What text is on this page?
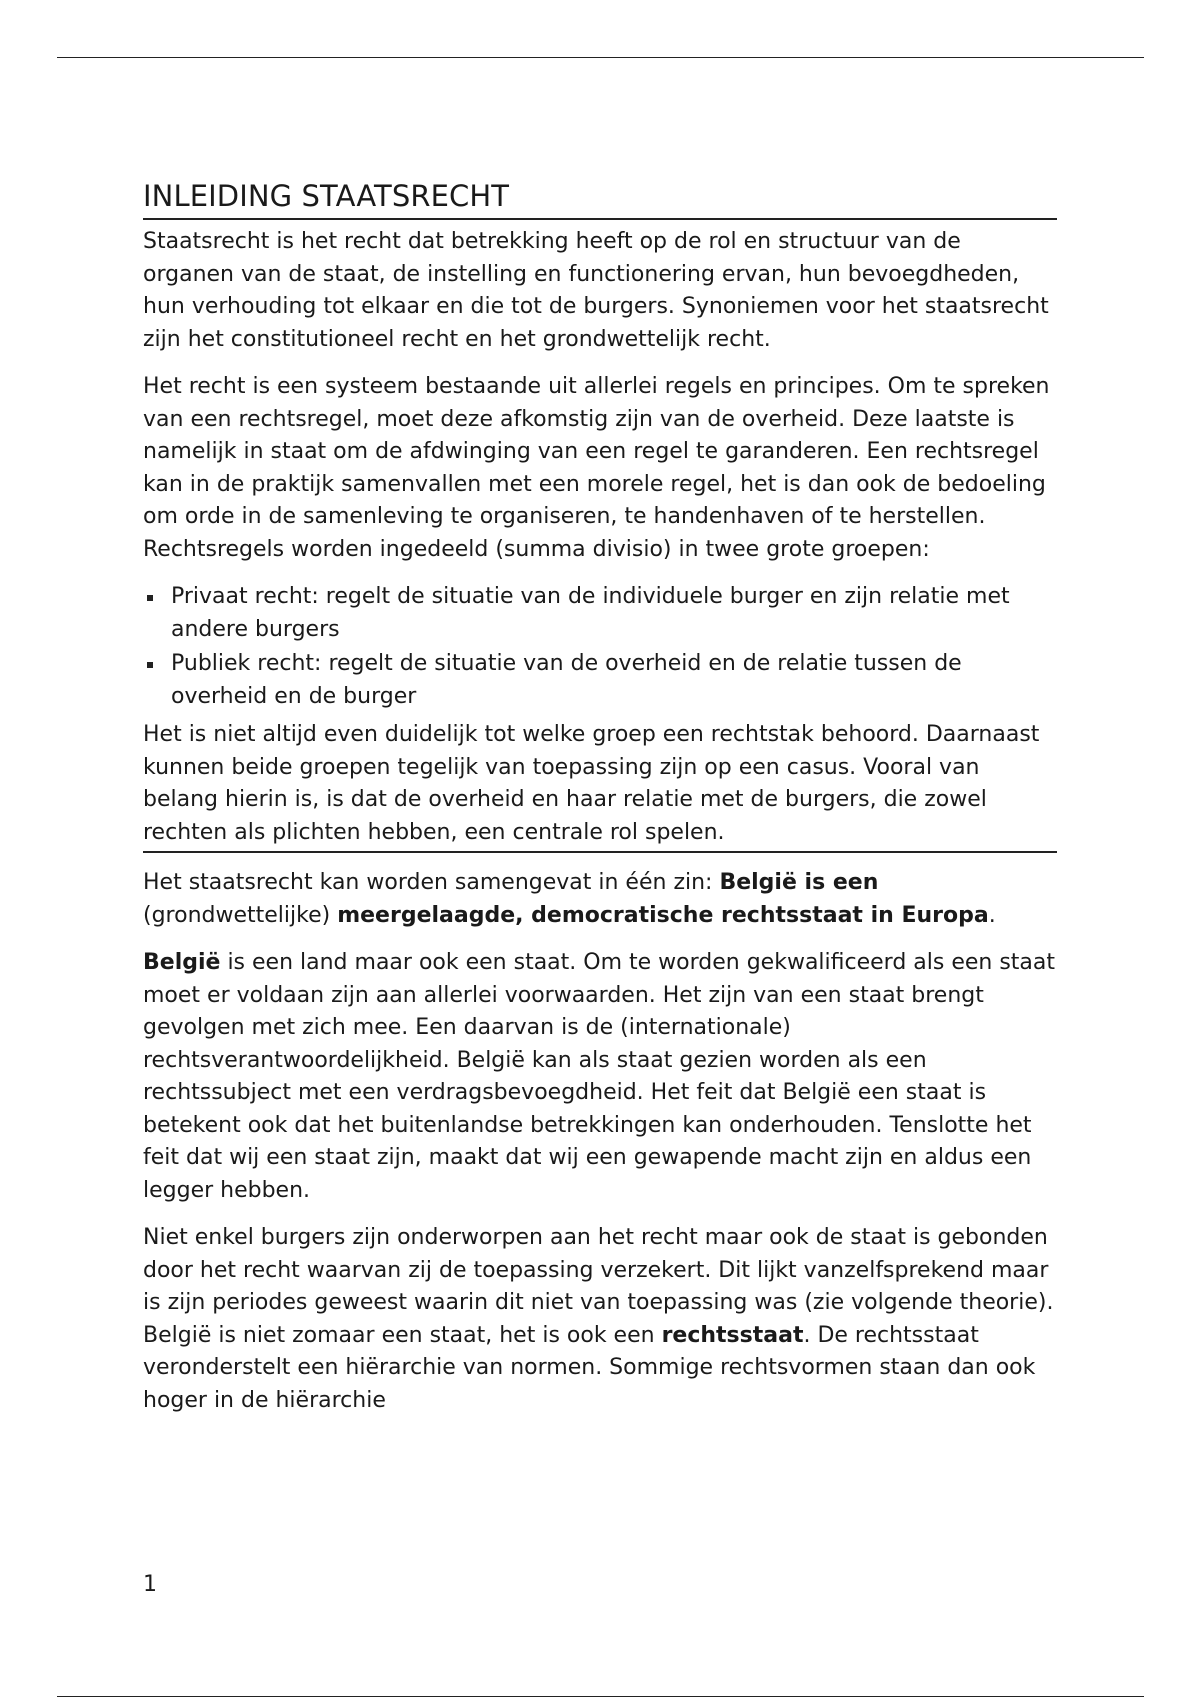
INLEIDING STAATSRECHT

Staatsrecht is het recht dat betrekking heeft op de rol en structuur van de organen van de staat, de instelling en functionering ervan, hun bevoegdheden, hun verhouding tot elkaar en die tot de burgers. Synoniemen voor het staatsrecht zijn het constitutioneel recht en het grondwettelijk recht.

Het recht is een systeem bestaande uit allerlei regels en principes. Om te spreken van een rechtsregel, moet deze afkomstig zijn van de overheid. Deze laatste is namelijk in staat om de afdwinging van een regel te garanderen. Een rechtsregel kan in de praktijk samenvallen met een morele regel, het is dan ook de bedoeling om orde in de samenleving te organiseren, te handenhaven of te herstellen. Rechtsregels worden ingedeeld (summa divisio) in twee grote groepen:

Privaat recht: regelt de situatie van de individuele burger en zijn relatie met andere burgers
Publiek recht: regelt de situatie van de overheid en de relatie tussen de overheid en de burger

Het is niet altijd even duidelijk tot welke groep een rechtstak behoord. Daarnaast kunnen beide groepen tegelijk van toepassing zijn op een casus. Vooral van belang hierin is, is dat de overheid en haar relatie met de burgers, die zowel rechten als plichten hebben, een centrale rol spelen.

Het staatsrecht kan worden samengevat in één zin: België is een (grondwettelijke) meergelaagde, democratische rechtsstaat in Europa.

België is een land maar ook een staat. Om te worden gekwalificeerd als een staat moet er voldaan zijn aan allerlei voorwaarden. Het zijn van een staat brengt gevolgen met zich mee. Een daarvan is de (internationale) rechtsverantwoordelijkheid. België kan als staat gezien worden als een rechtssubject met een verdragsbevoegdheid. Het feit dat België een staat is betekent ook dat het buitenlandse betrekkingen kan onderhouden. Tenslotte het feit dat wij een staat zijn, maakt dat wij een gewapende macht zijn en aldus een legger hebben.

Niet enkel burgers zijn onderworpen aan het recht maar ook de staat is gebonden door het recht waarvan zij de toepassing verzekert. Dit lijkt vanzelfsprekend maar is zijn periodes geweest waarin dit niet van toepassing was (zie volgende theorie). België is niet zomaar een staat, het is ook een rechtsstaat. De rechtsstaat veronderstelt een hiërarchie van normen. Sommige rechtsvormen staan dan ook hoger in de hiërarchie

1
